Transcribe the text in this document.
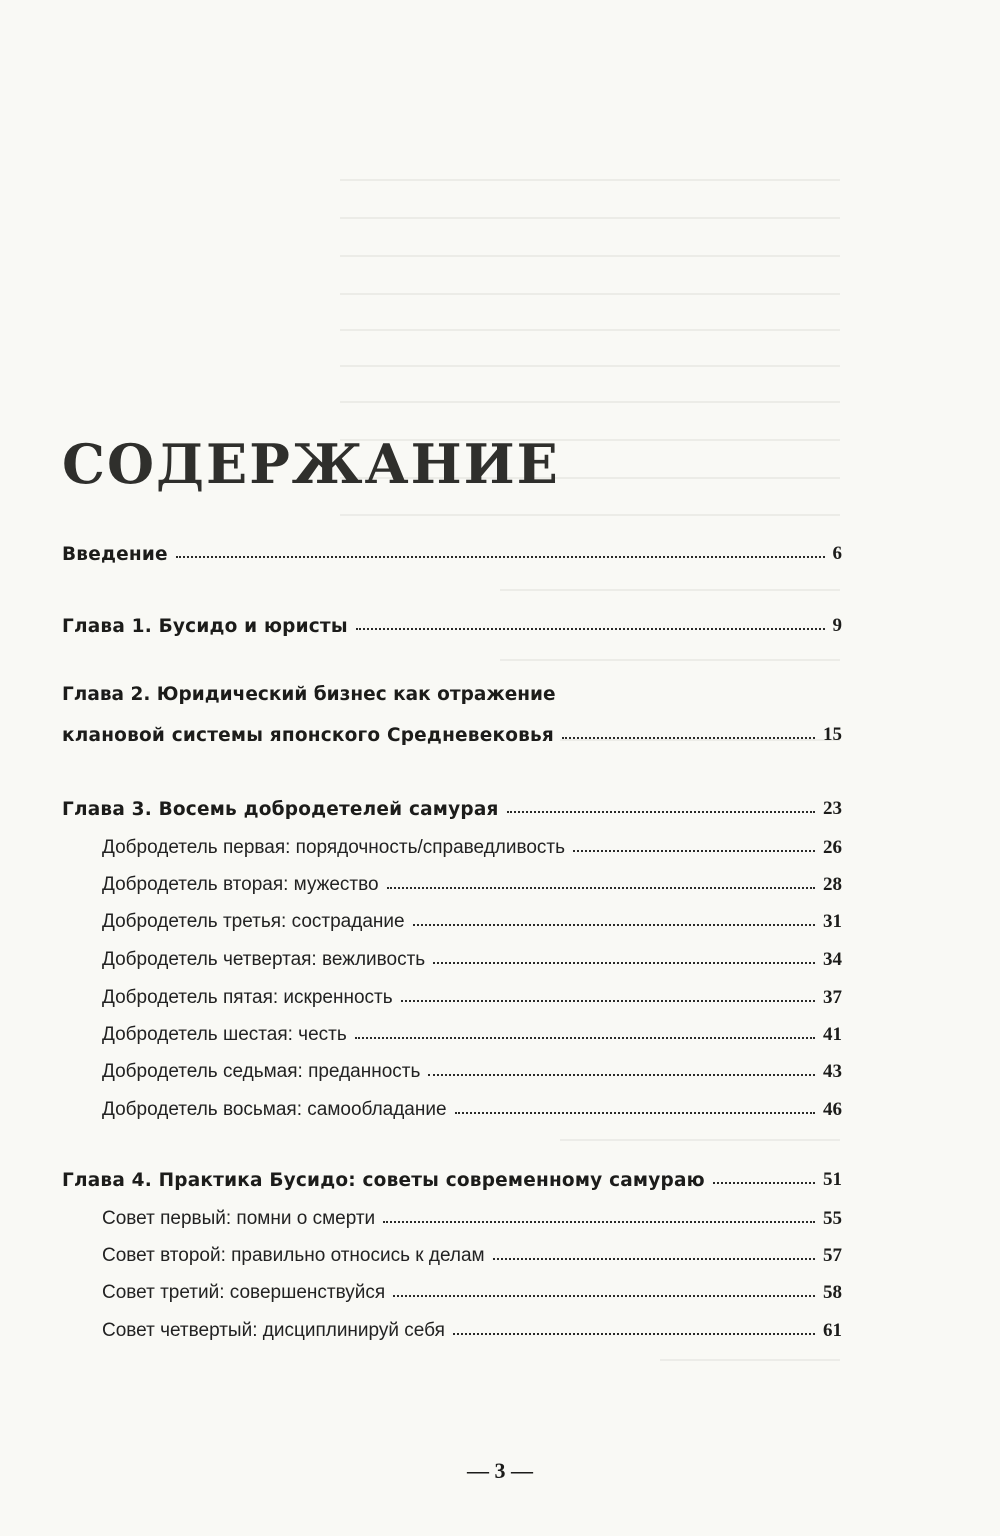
СОДЕРЖАНИЕ
Введение	6
Глава 1. Бусидо и юристы	9
Глава 2. Юридический бизнес как отражение
клановой системы японского Средневековья	15
Глава 3. Восемь добродетелей самурая	23
Добродетель первая: порядочность/справедливость	26
Добродетель вторая: мужество	28
Добродетель третья: сострадание	31
Добродетель четвертая: вежливость	34
Добродетель пятая: искренность	37
Добродетель шестая: честь	41
Добродетель седьмая: преданность	43
Добродетель восьмая: самообладание	46
Глава 4. Практика Бусидо: советы современному самураю	51
Совет первый: помни о смерти	55
Совет второй: правильно относись к делам	57
Совет третий: совершенствуйся	58
Совет четвертый: дисциплинируй себя	61
— 3 —
